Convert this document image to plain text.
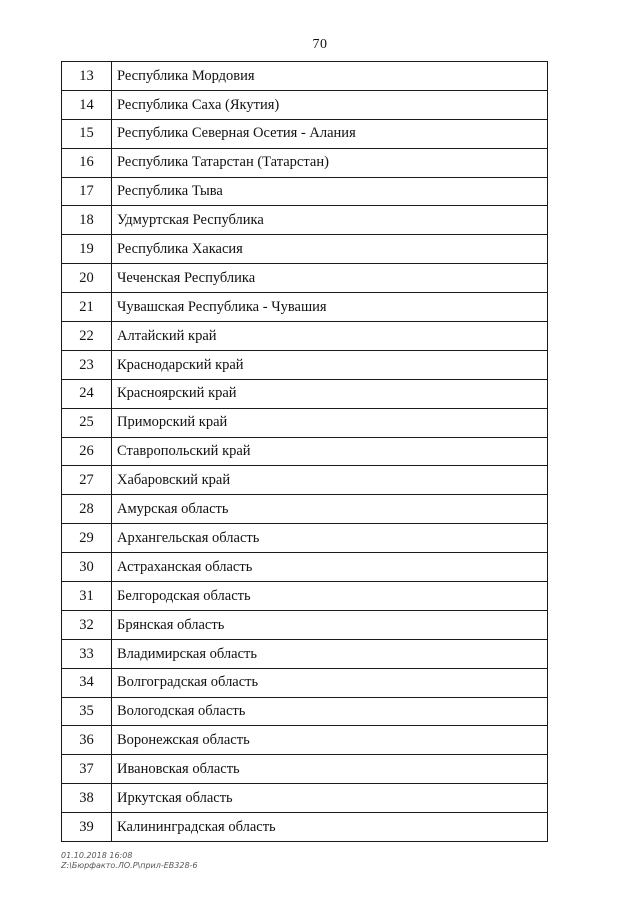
70
13	Республика Мордовия
14	Республика Саха (Якутия)
15	Республика Северная Осетия - Алания
16	Республика Татарстан (Татарстан)
17	Республика Тыва
18	Удмуртская Республика
19	Республика Хакасия
20	Чеченская Республика
21	Чувашская Республика - Чувашия
22	Алтайский край
23	Краснодарский край
24	Красноярский край
25	Приморский край
26	Ставропольский край
27	Хабаровский край
28	Амурская область
29	Архангельская область
30	Астраханская область
31	Белгородская область
32	Брянская область
33	Владимирская область
34	Волгоградская область
35	Вологодская область
36	Воронежская область
37	Ивановская область
38	Иркутская область
39	Калининградская область
01.10.2018 16:08
Z:\Бюрфакто.ЛО.Р\прил-ЕВ328-6
